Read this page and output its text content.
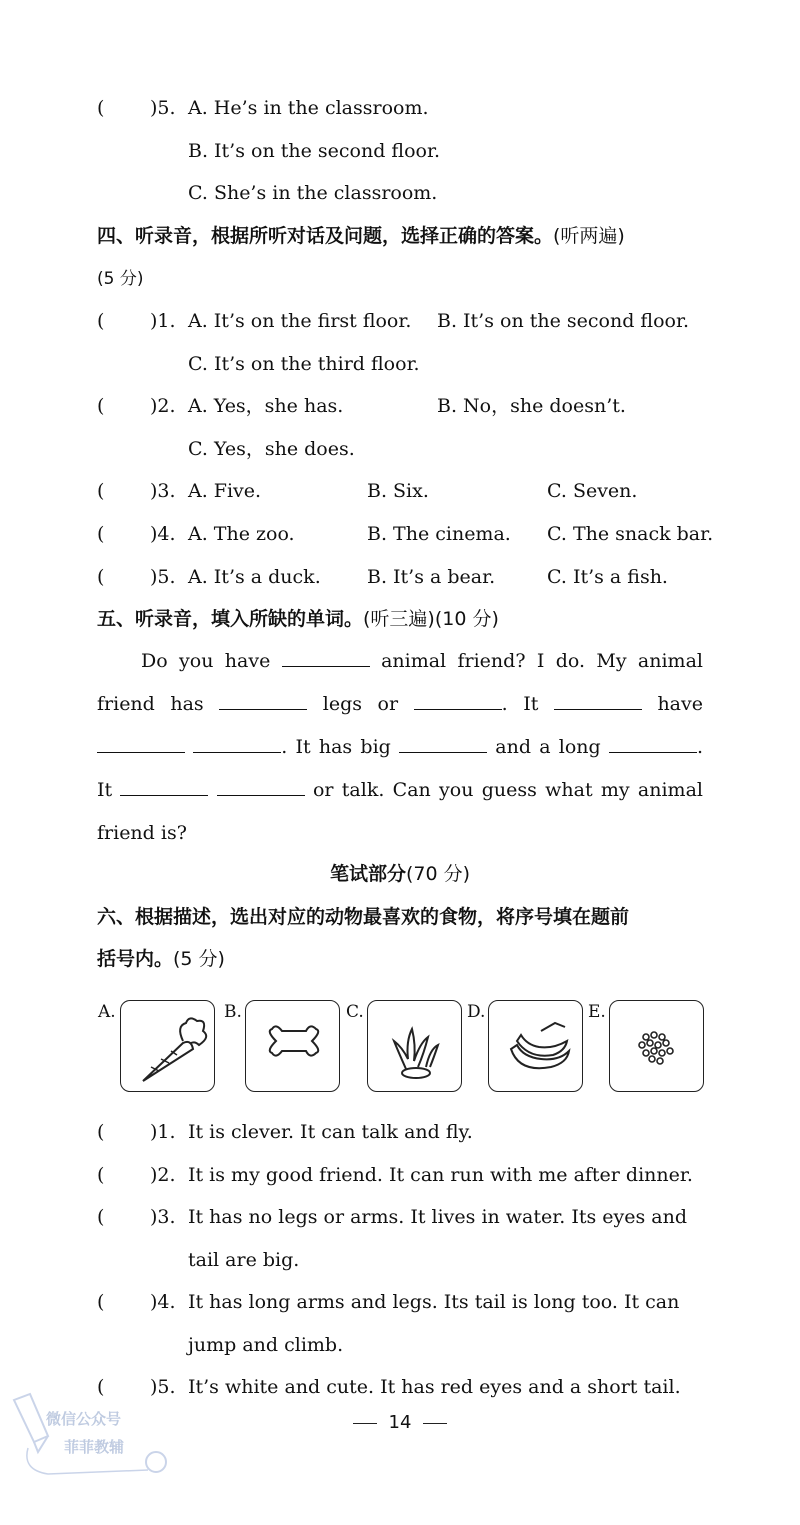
( )5. A. He’s in the classroom.
B. It’s on the second floor.
C. She’s in the classroom.
四、听录音，根据所听对话及问题，选择正确的答案。(听两遍)
(5 分)
( )1. A. It’s on the first floor. B. It’s on the second floor.
C. It’s on the third floor.
( )2. A. Yes，she has.	B. No，she doesn’t.
C. Yes，she does.
( )3. A. Five.	B. Six.	C. Seven.
( )4. A. The zoo.	B. The cinema. C. The snack bar.
( )5. A. It’s a duck. B. It’s a bear.	C. It’s a fish.
五、听录音，填入所缺的单词。(听三遍)(10 分)
Do you have	animal friend? I do. My animal
friend has	legs or	. It	have
. It has big	and a long	.
It	or talk. Can you guess what my animal
friend is?
笔试部分(70 分)
六、根据描述，选出对应的动物最喜欢的食物，将序号填在题前
括号内。(5 分)
A.	B.	C.	D.	E.
( )1. It is clever. It can talk and fly.
( )2. It is my good friend. It can run with me after dinner.
( )3. It has no legs or arms. It lives in water. Its eyes and
tail are big.
( )4. It has long arms and legs. Its tail is long too. It can
jump and climb.
( )5. It’s white and cute. It has red eyes and a short tail.
14
微信公众号
菲菲教辅
